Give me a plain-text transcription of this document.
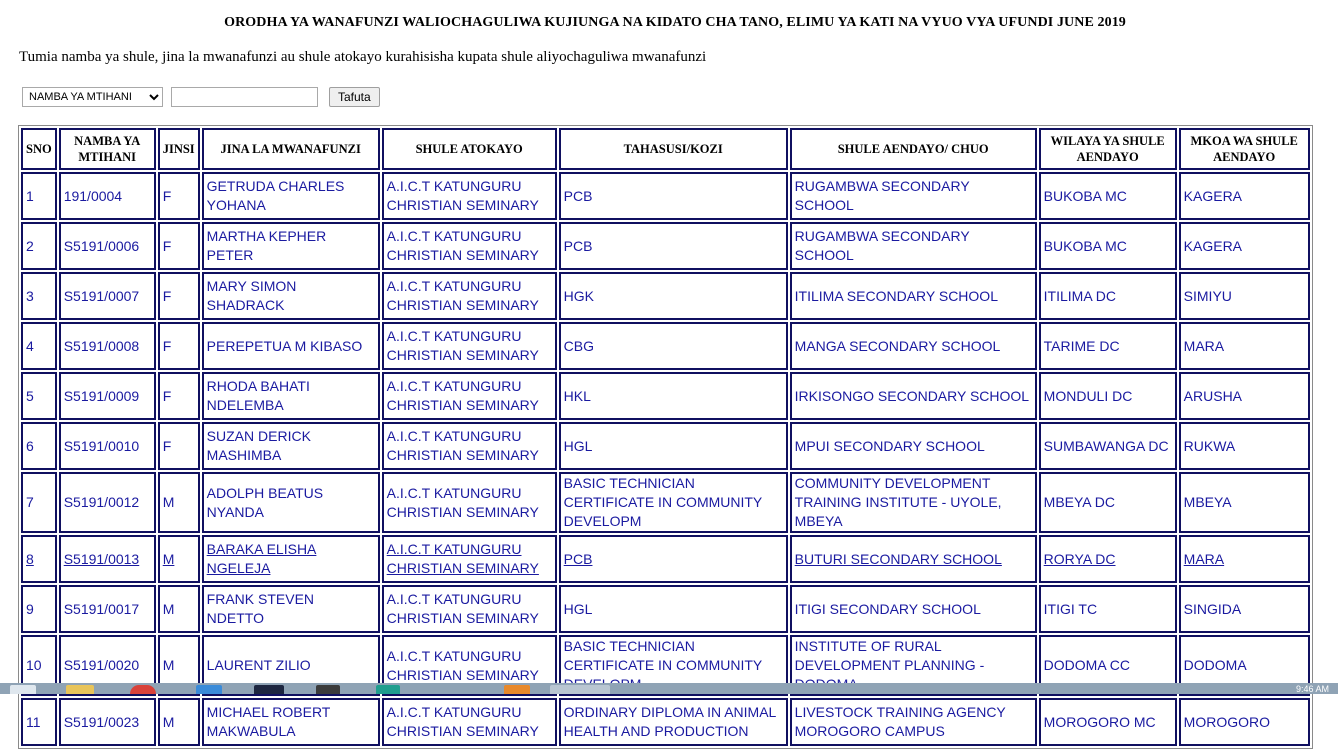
ORODHA YA WANAFUNZI WALIOCHAGULIWA KUJIUNGA NA KIDATO CHA TANO, ELIMU YA KATI NA VYUO VYA UFUNDI JUNE 2019
Tumia namba ya shule, jina la mwanafunzi au shule atokayo kurahisisha kupata shule aliyochaguliwa mwanafunzi
NAMBA YA MTIHANI
Tafuta
SNO	NAMBA YA MTIHANI	JINSI	JINA LA MWANAFUNZI	SHULE ATOKAYO	TAHASUSI/KOZI	SHULE AENDAYO/ CHUO	WILAYA YA SHULE AENDAYO	MKOA WA SHULE AENDAYO
1	191/0004	F	GETRUDA CHARLES YOHANA	A.I.C.T KATUNGURU CHRISTIAN SEMINARY	PCB	RUGAMBWA SECONDARY SCHOOL	BUKOBA MC	KAGERA
2	S5191/0006	F	MARTHA KEPHER PETER	A.I.C.T KATUNGURU CHRISTIAN SEMINARY	PCB	RUGAMBWA SECONDARY SCHOOL	BUKOBA MC	KAGERA
3	S5191/0007	F	MARY SIMON SHADRACK	A.I.C.T KATUNGURU CHRISTIAN SEMINARY	HGK	ITILIMA SECONDARY SCHOOL	ITILIMA DC	SIMIYU
4	S5191/0008	F	PEREPETUA M KIBASO	A.I.C.T KATUNGURU CHRISTIAN SEMINARY	CBG	MANGA SECONDARY SCHOOL	TARIME DC	MARA
5	S5191/0009	F	RHODA BAHATI NDELEMBA	A.I.C.T KATUNGURU CHRISTIAN SEMINARY	HKL	IRKISONGO SECONDARY SCHOOL	MONDULI DC	ARUSHA
6	S5191/0010	F	SUZAN DERICK MASHIMBA	A.I.C.T KATUNGURU CHRISTIAN SEMINARY	HGL	MPUI SECONDARY SCHOOL	SUMBAWANGA DC	RUKWA
7	S5191/0012	M	ADOLPH BEATUS NYANDA	A.I.C.T KATUNGURU CHRISTIAN SEMINARY	BASIC TECHNICIAN CERTIFICATE IN COMMUNITY DEVELOPM	COMMUNITY DEVELOPMENT TRAINING INSTITUTE - UYOLE, MBEYA	MBEYA DC	MBEYA
8	S5191/0013	M	BARAKA ELISHA NGELEJA	A.I.C.T KATUNGURU CHRISTIAN SEMINARY	PCB	BUTURI SECONDARY SCHOOL	RORYA DC	MARA
9	S5191/0017	M	FRANK STEVEN NDETTO	A.I.C.T KATUNGURU CHRISTIAN SEMINARY	HGL	ITIGI SECONDARY SCHOOL	ITIGI TC	SINGIDA
10	S5191/0020	M	LAURENT ZILIO	A.I.C.T KATUNGURU CHRISTIAN SEMINARY	BASIC TECHNICIAN CERTIFICATE IN COMMUNITY	INSTITUTE OF RURAL DEVELOPMENT PLANNING -	DODOMA CC	DODOMA
11	S5191/0023	M	MICHAEL ROBERT MAKWABULA	A.I.C.T KATUNGURU CHRISTIAN SEMINARY	ORDINARY DIPLOMA IN ANIMAL HEALTH AND PRODUCTION	LIVESTOCK TRAINING AGENCY MOROGORO CAMPUS	MOROGORO MC	MOROGORO
9:46 AM
